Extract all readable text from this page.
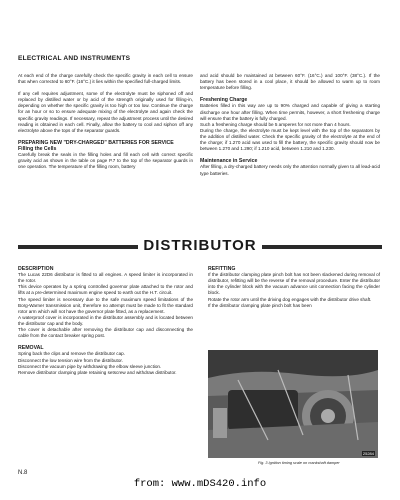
ELECTRICAL AND INSTRUMENTS

At each end of the charge carefully check the specific gravity in each cell to ensure that when corrected to 60°F. (16°C.) it lies within the specified full-charged limits.

If any cell requires adjustment, some of the electrolyte must be siphoned off and replaced by distilled water or by acid of the strength originally used for filling-in, depending on whether the specific gravity is too high or too low. Continue the charge for an hour or so to ensure adequate mixing of the electrolyte and again check the specific gravity readings. If necessary, repeat the adjustment process until the desired reading is obtained in each cell. Finally, allow the battery to cool and siphon off any electrolyte above the tops of the separator guards.

PREPARING NEW "DRY-CHARGED" BATTERIES FOR SERVICE

Filling the Cells

Carefully break the seals in the filling holes and fill each cell with correct specific gravity acid as shown in the table on page P.7 to the top of the separator guards in one operation. The temperature of the filling room, battery

and acid should be maintained at between 60°F. (16°C.) and 100°F. (38°C.). If the battery has been stored in a cool place, it should be allowed to warm up to room temperature before filling.

Freshening Charge

Batteries filled in this way are up to 90% charged and capable of giving a starting discharge one hour after filling. When time permits, however, a short freshening charge will ensure that the battery is fully charged.

Such a freshening charge should be 5 amperes for not more than 4 hours.

During the charge, the electrolyte must be kept level with the top of the separators by the addition of distilled water. Check the specific gravity of the electrolyte at the end of the charge; if 1.270 acid was used to fill the battery, the specific gravity should now be between 1.270 and 1.290; if 1.210 acid, between 1.210 and 1.230.

Maintenance in Service

After filling, a dry-charged battery needs only the attention normally given to all lead-acid type batteries.

DISTRIBUTOR

DESCRIPTION

The Lucas 22D6 distributor is fitted to all engines. A speed limiter is incorporated in the rotor.

This device operates by a spring controlled governor plate attached to the rotor and lifts at a pre-determined maximum engine speed to earth out the H.T. circuit.

The speed limiter is necessary due to the safe maximum speed limitations of the Borg-Warner transmission unit, therefore no attempt must be made to fit the standard rotor arm which will not have the governor plate fitted, as a replacement.

A waterproof cover is incorporated in the distributor assembly and is located between the distributor cap and the body.

The cover is detachable after removing the distributor cap and disconnecting the cable from the contact breaker spring post.

REMOVAL

Spring back the clips and remove the distributor cap.

Disconnect the low tension wire from the distributor.

Disconnect the vacuum pipe by withdrawing the elbow sleeve junction.

Remove distributor clamping plate retaining setscrew and withdraw distributor.

REFITTING

If the distributor clamping plate pinch bolt has not been slackened during removal of distributor, refitting will be the reverse of the removal procedure. Enter the distributor into the cylinder block with the vacuum advance unit connection facing the cylinder block.

Rotate the rotor arm until the driving dog engages with the distributor drive shaft.

If the distributor clamping plate pinch bolt has been

25284
Fig. 3 Ignition timing scale on crankshaft damper
N.8
from: www.mDS420.info
